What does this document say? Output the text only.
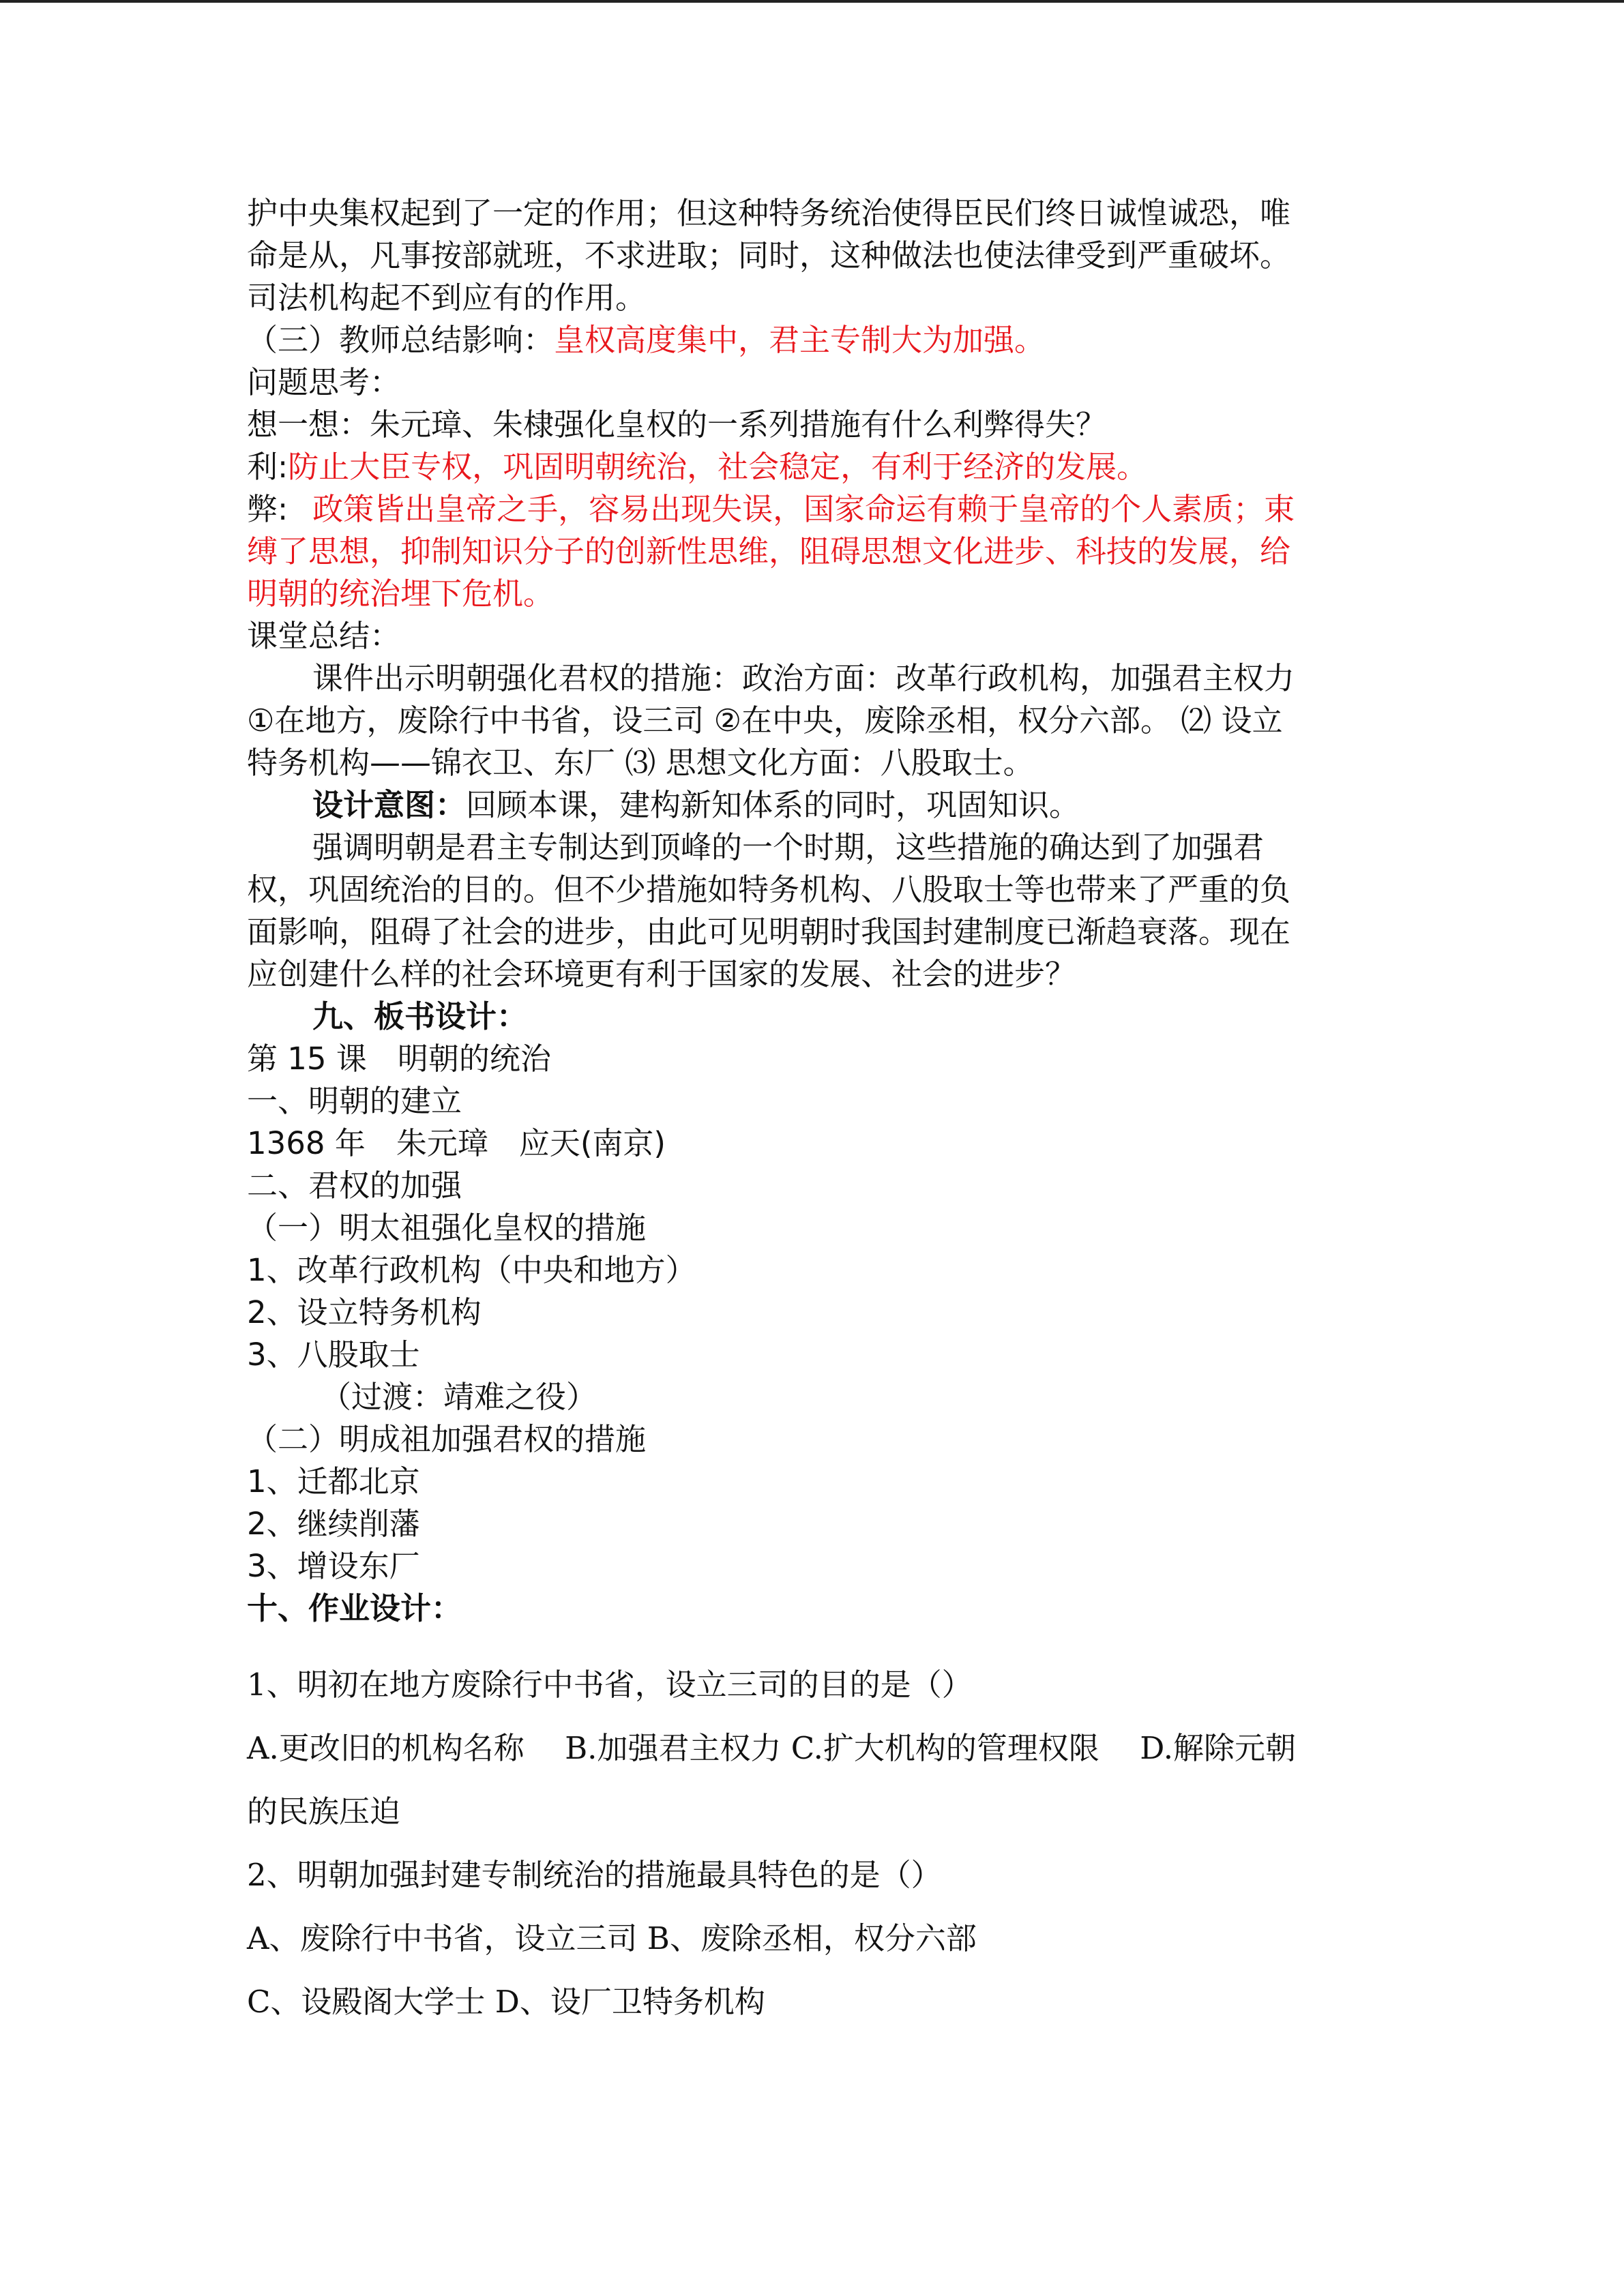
护中央集权起到了一定的作用；但这种特务统治使得臣民们终日诚惶诚恐，唯
命是从，凡事按部就班，不求进取；同时，这种做法也使法律受到严重破坏。
司法机构起不到应有的作用。
（三）教师总结影响：皇权高度集中，君主专制大为加强。
问题思考：
想一想：朱元璋、朱棣强化皇权的一系列措施有什么利弊得失？
利:防止大臣专权，巩固明朝统治，社会稳定，有利于经济的发展。
弊: 政策皆出皇帝之手，容易出现失误，国家命运有赖于皇帝的个人素质；束
缚了思想，抑制知识分子的创新性思维，阻碍思想文化进步、科技的发展，给
明朝的统治埋下危机。
课堂总结：
课件出示明朝强化君权的措施：政治方面：改革行政机构，加强君主权力
①在地方，废除行中书省，设三司 ②在中央，废除丞相，权分六部。 ⑵ 设立
特务机构——锦衣卫、东厂 ⑶ 思想文化方面：八股取士。
设计意图：回顾本课，建构新知体系的同时，巩固知识。
强调明朝是君主专制达到顶峰的一个时期，这些措施的确达到了加强君
权，巩固统治的目的。但不少措施如特务机构、八股取士等也带来了严重的负
面影响，阻碍了社会的进步，由此可见明朝时我国封建制度已渐趋衰落。现在
应创建什么样的社会环境更有利于国家的发展、社会的进步？
九、板书设计：
第 15 课　明朝的统治
一、明朝的建立
1368 年　朱元璋　应天(南京)
二、君权的加强
（一）明太祖强化皇权的措施
1、改革行政机构（中央和地方）
2、设立特务机构
3、八股取士
（过渡：靖难之役）
（二）明成祖加强君权的措施
1、迁都北京
2、继续削藩
3、增设东厂
十、作业设计：
1、明初在地方废除行中书省，设立三司的目的是（）
A.更改旧的机构名称　 B.加强君主权力 C.扩大机构的管理权限　 D.解除元朝
的民族压迫
2、明朝加强封建专制统治的措施最具特色的是（）
A、废除行中书省，设立三司 B、废除丞相，权分六部
C、设殿阁大学士 D、设厂卫特务机构
